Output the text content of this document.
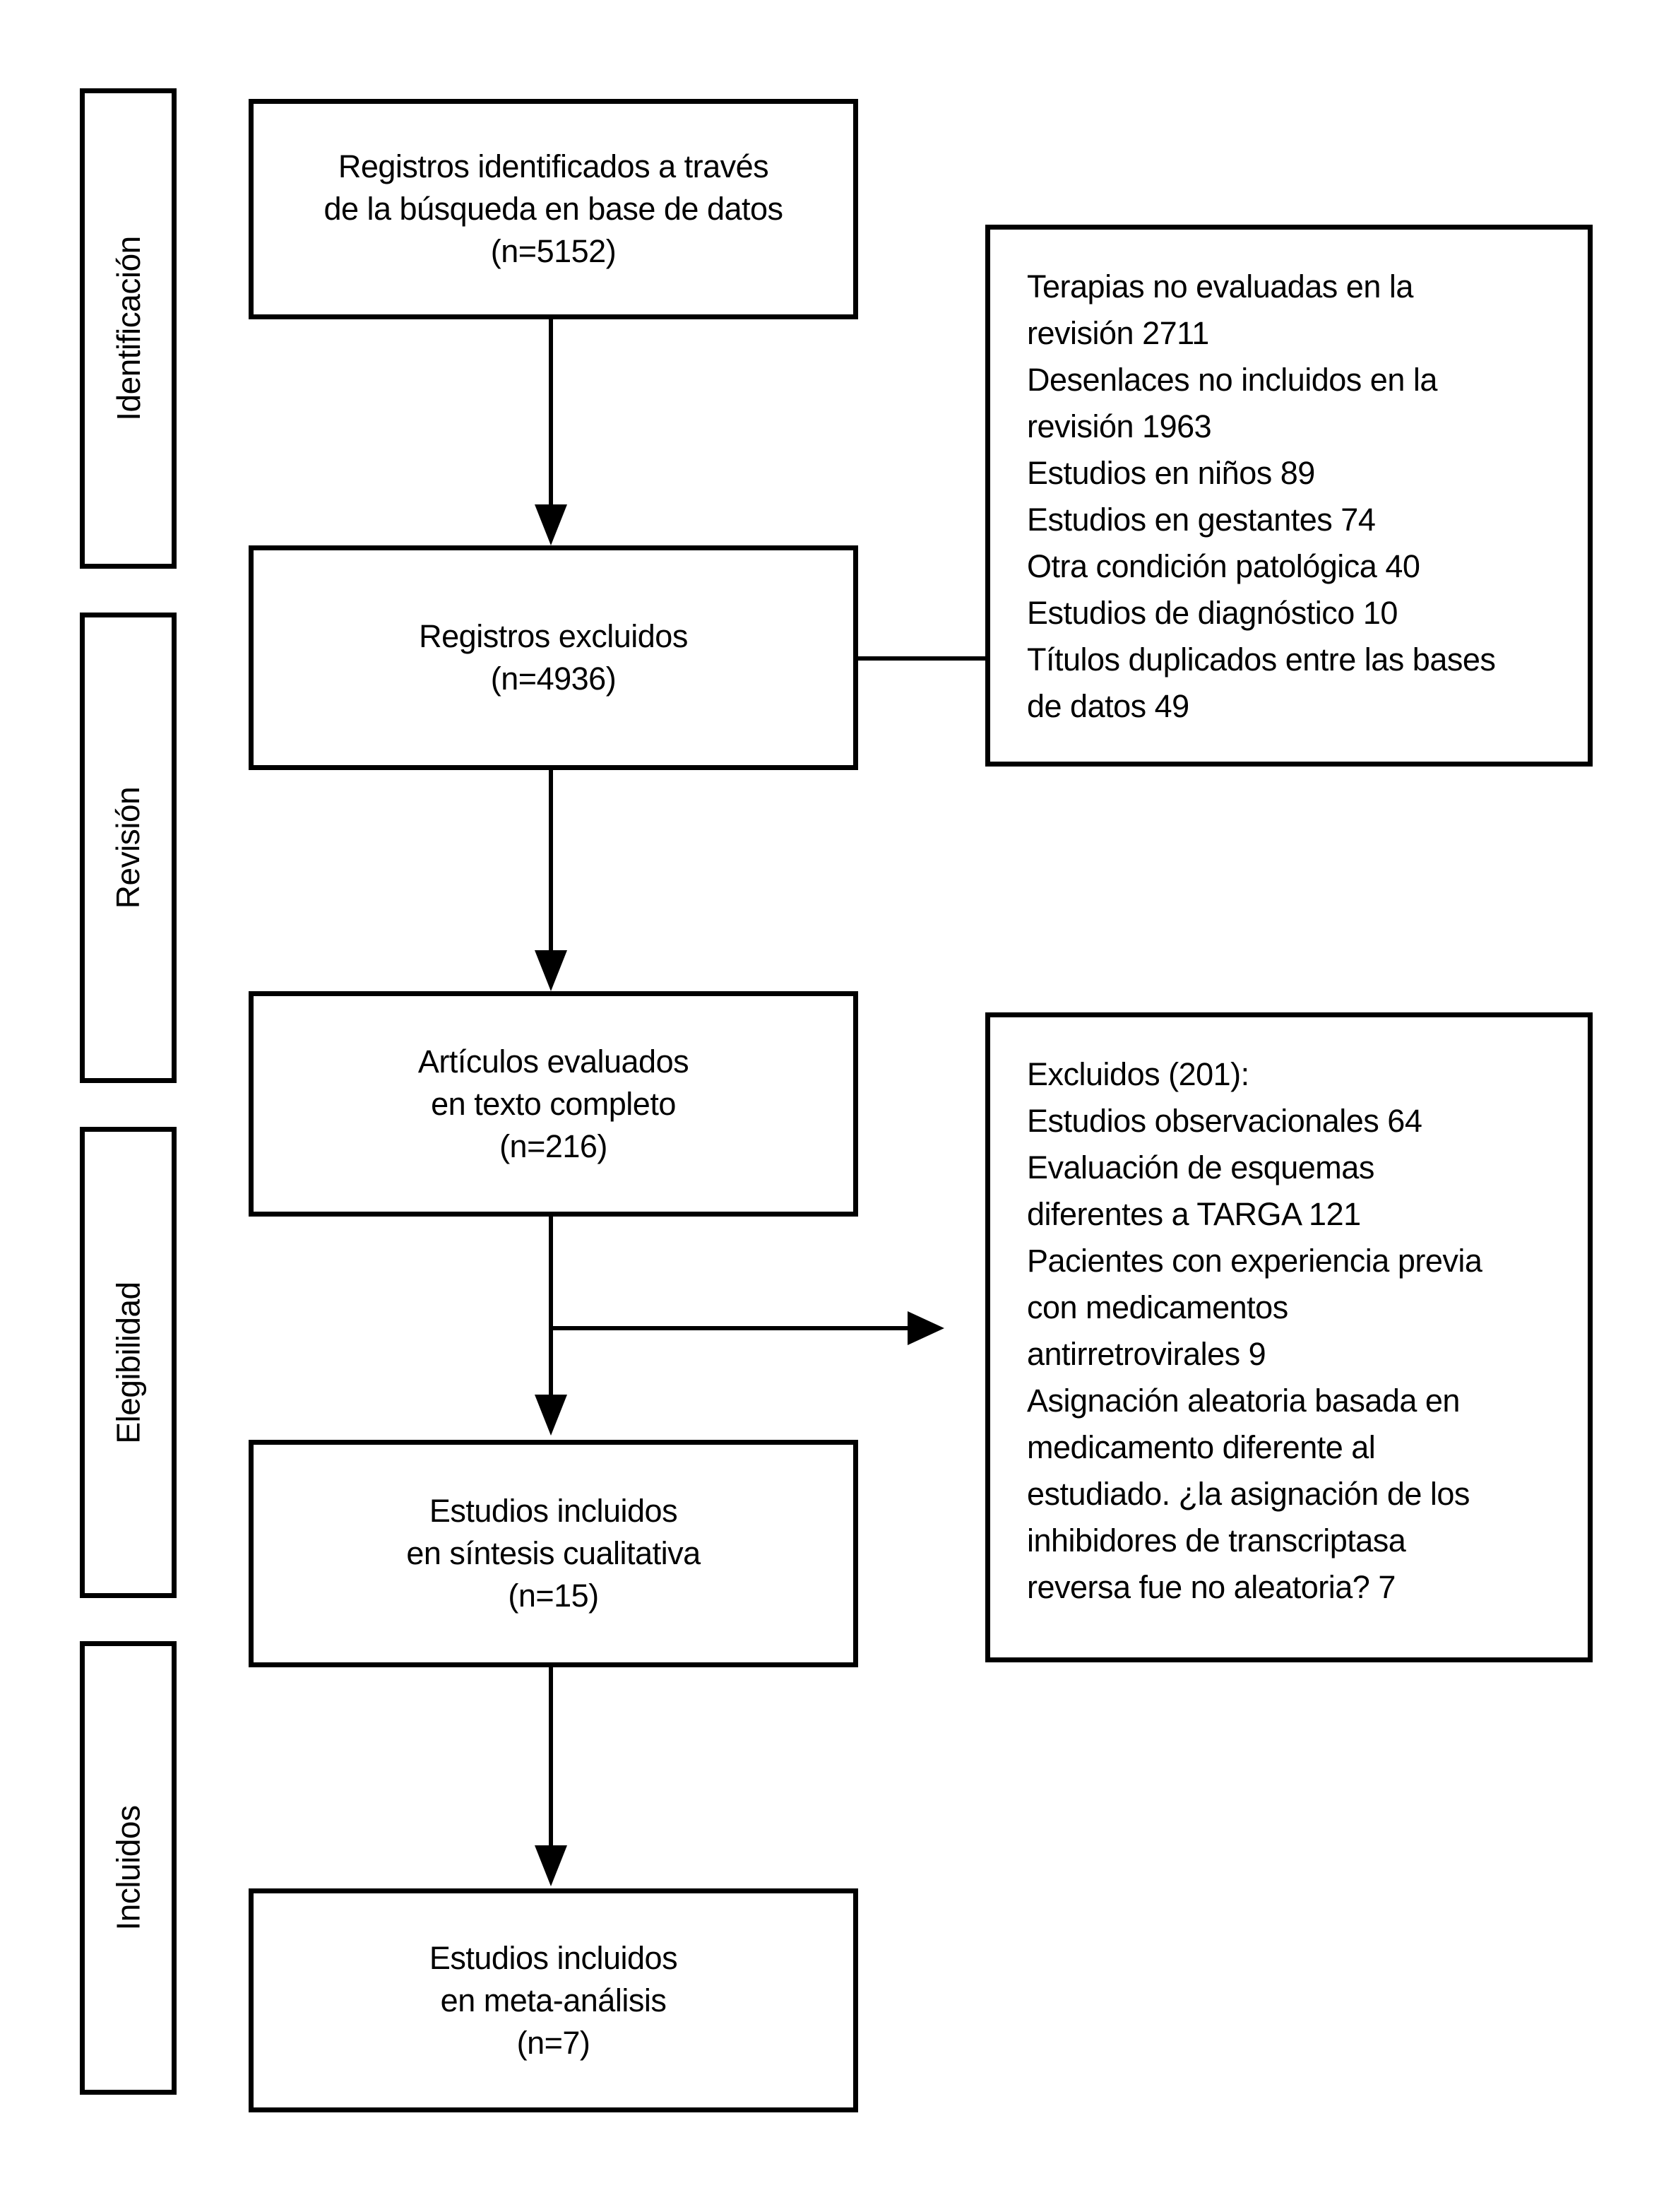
Identificación
Revisión
Elegibilidad
Incluidos
Registros identificados a través
de la búsqueda en base de datos
(n=5152)
Registros excluidos
(n=4936)
Artículos evaluados
en texto completo
(n=216)
Estudios incluidos
en síntesis cualitativa
(n=15)
Estudios incluidos
en meta-análisis
(n=7)
Terapias no evaluadas en la
revisión 2711
Desenlaces no incluidos en la
revisión 1963
Estudios en niños 89
Estudios en gestantes 74
Otra condición patológica 40
Estudios de diagnóstico 10
Títulos duplicados entre las bases
de datos 49
Excluidos (201):
Estudios observacionales 64
Evaluación de esquemas
diferentes a TARGA 121
Pacientes con experiencia previa
con medicamentos
antirretrovirales 9
Asignación aleatoria basada en
medicamento diferente al
estudiado. ¿la asignación de los
inhibidores de transcriptasa
reversa fue no aleatoria? 7
